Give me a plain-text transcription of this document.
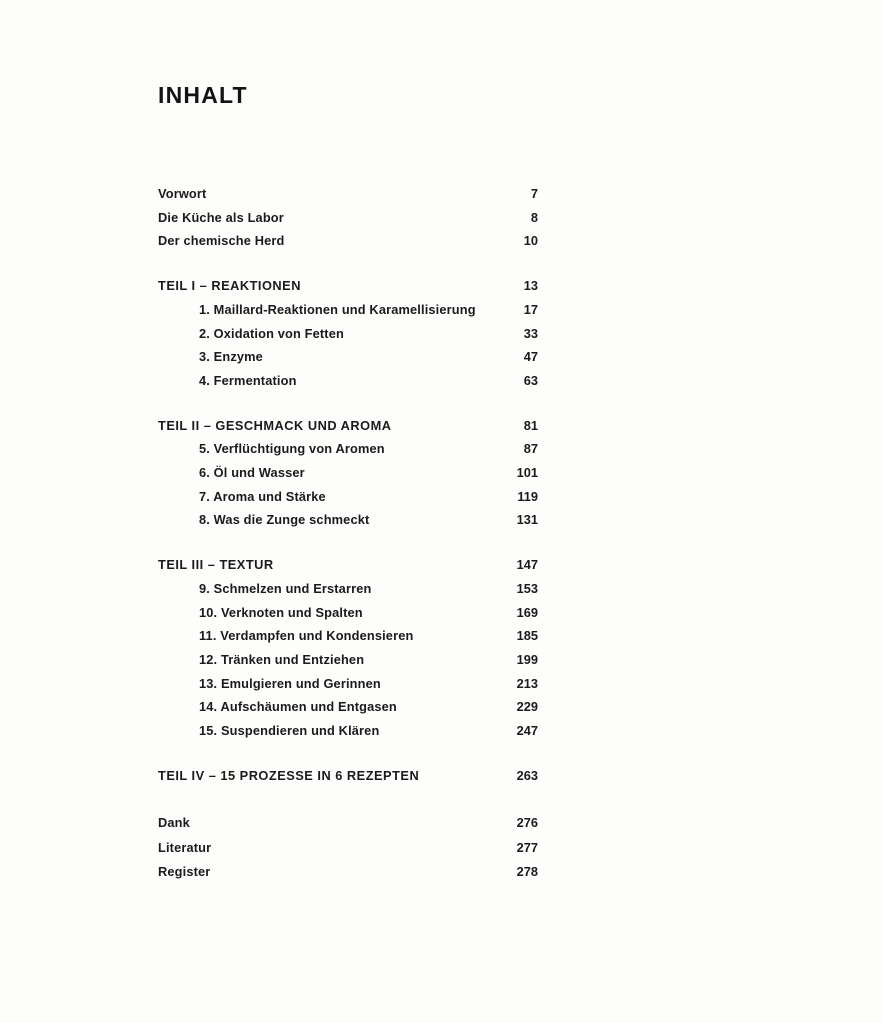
INHALT
Vorwort	7
Die Küche als Labor	8
Der chemische Herd	10
TEIL I – REAKTIONEN	13
1. Maillard-Reaktionen und Karamellisierung	17
2. Oxidation von Fetten	33
3. Enzyme	47
4. Fermentation	63
TEIL II – GESCHMACK UND AROMA	81
5. Verflüchtigung von Aromen	87
6. Öl und Wasser	101
7. Aroma und Stärke	119
8. Was die Zunge schmeckt	131
TEIL III – TEXTUR	147
9. Schmelzen und Erstarren	153
10. Verknoten und Spalten	169
11. Verdampfen und Kondensieren	185
12. Tränken und Entziehen	199
13. Emulgieren und Gerinnen	213
14. Aufschäumen und Entgasen	229
15. Suspendieren und Klären	247
TEIL IV – 15 PROZESSE IN 6 REZEPTEN	263
Dank	276
Literatur	277
Register	278
